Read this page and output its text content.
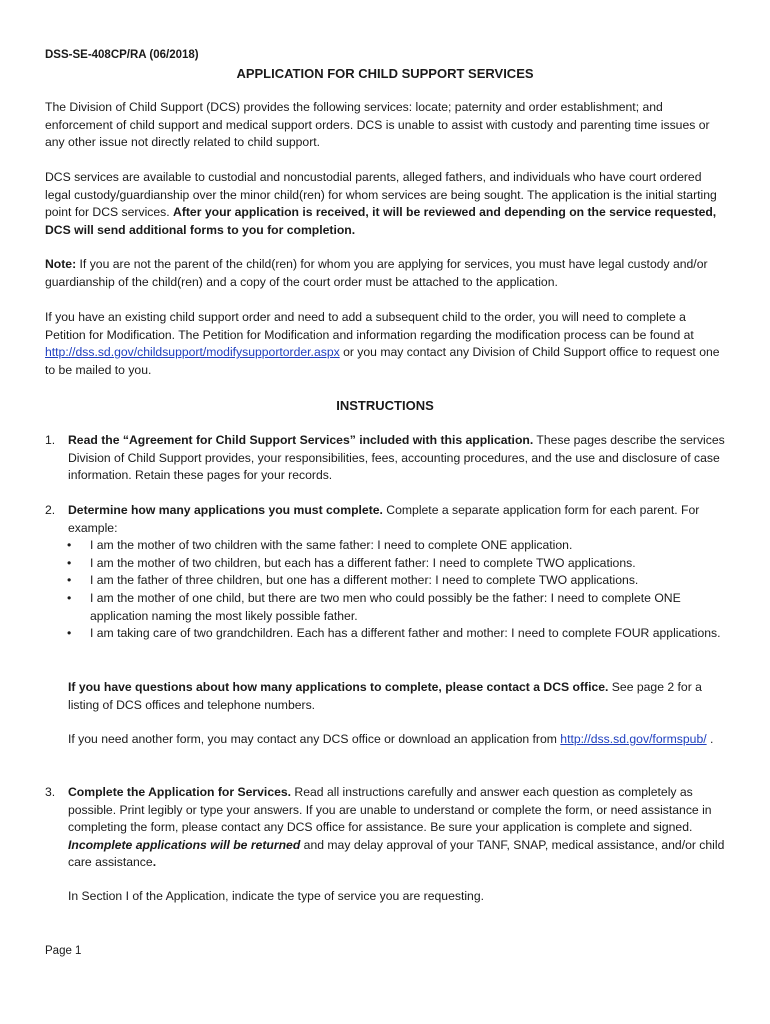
DSS-SE-408CP/RA (06/2018)
APPLICATION FOR CHILD SUPPORT SERVICES
The Division of Child Support (DCS) provides the following services: locate; paternity and order establishment; and enforcement of child support and medical support orders. DCS is unable to assist with custody and parenting time issues or any other issue not directly related to child support.
DCS services are available to custodial and noncustodial parents, alleged fathers, and individuals who have court ordered legal custody/guardianship over the minor child(ren) for whom services are being sought. The application is the initial starting point for DCS services. After your application is received, it will be reviewed and depending on the service requested, DCS will send additional forms to you for completion.
Note: If you are not the parent of the child(ren) for whom you are applying for services, you must have legal custody and/or guardianship of the child(ren) and a copy of the court order must be attached to the application.
If you have an existing child support order and need to add a subsequent child to the order, you will need to complete a Petition for Modification. The Petition for Modification and information regarding the modification process can be found at http://dss.sd.gov/childsupport/modifysupportorder.aspx or you may contact any Division of Child Support office to request one to be mailed to you.
INSTRUCTIONS
1. Read the “Agreement for Child Support Services” included with this application. These pages describe the services Division of Child Support provides, your responsibilities, fees, accounting procedures, and the use and disclosure of case information. Retain these pages for your records.
2. Determine how many applications you must complete. Complete a separate application form for each parent. For example:
• I am the mother of two children with the same father: I need to complete ONE application.
• I am the mother of two children, but each has a different father: I need to complete TWO applications.
• I am the father of three children, but one has a different mother: I need to complete TWO applications.
• I am the mother of one child, but there are two men who could possibly be the father: I need to complete ONE application naming the most likely possible father.
• I am taking care of two grandchildren. Each has a different father and mother: I need to complete FOUR applications.
If you have questions about how many applications to complete, please contact a DCS office. See page 2 for a listing of DCS offices and telephone numbers.
If you need another form, you may contact any DCS office or download an application from http://dss.sd.gov/formspub/ .
3. Complete the Application for Services. Read all instructions carefully and answer each question as completely as possible. Print legibly or type your answers. If you are unable to understand or complete the form, or need assistance in completing the form, please contact any DCS office for assistance. Be sure your application is complete and signed. Incomplete applications will be returned and may delay approval of your TANF, SNAP, medical assistance, and/or child care assistance.
In Section I of the Application, indicate the type of service you are requesting.
Page 1
